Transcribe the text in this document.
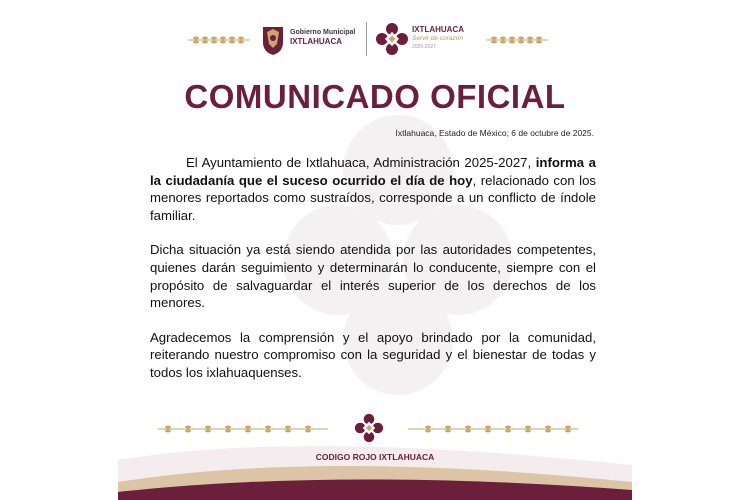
Gobierno Municipal
IXTLAHUACA
IXTLAHUACA
Servir de corazón
2025-2027
COMUNICADO OFICIAL
Ixtlahuaca, Estado de México; 6 de octubre de 2025.

El Ayuntamiento de Ixtlahuaca, Administración 2025-2027, informa a la ciudadanía que el suceso ocurrido el día de hoy, relacionado con los menores reportados como sustraídos, corresponde a un conflicto de índole familiar.

Dicha situación ya está siendo atendida por las autoridades competentes, quienes darán seguimiento y determinarán lo conducente, siempre con el propósito de salvaguardar el interés superior de los derechos de los menores.

Agradecemos la comprensión y el apoyo brindado por la comunidad, reiterando nuestro compromiso con la seguridad y el bienestar de todas y todos los ixlahuaquenses.

CODIGO ROJO IXTLAHUACA
